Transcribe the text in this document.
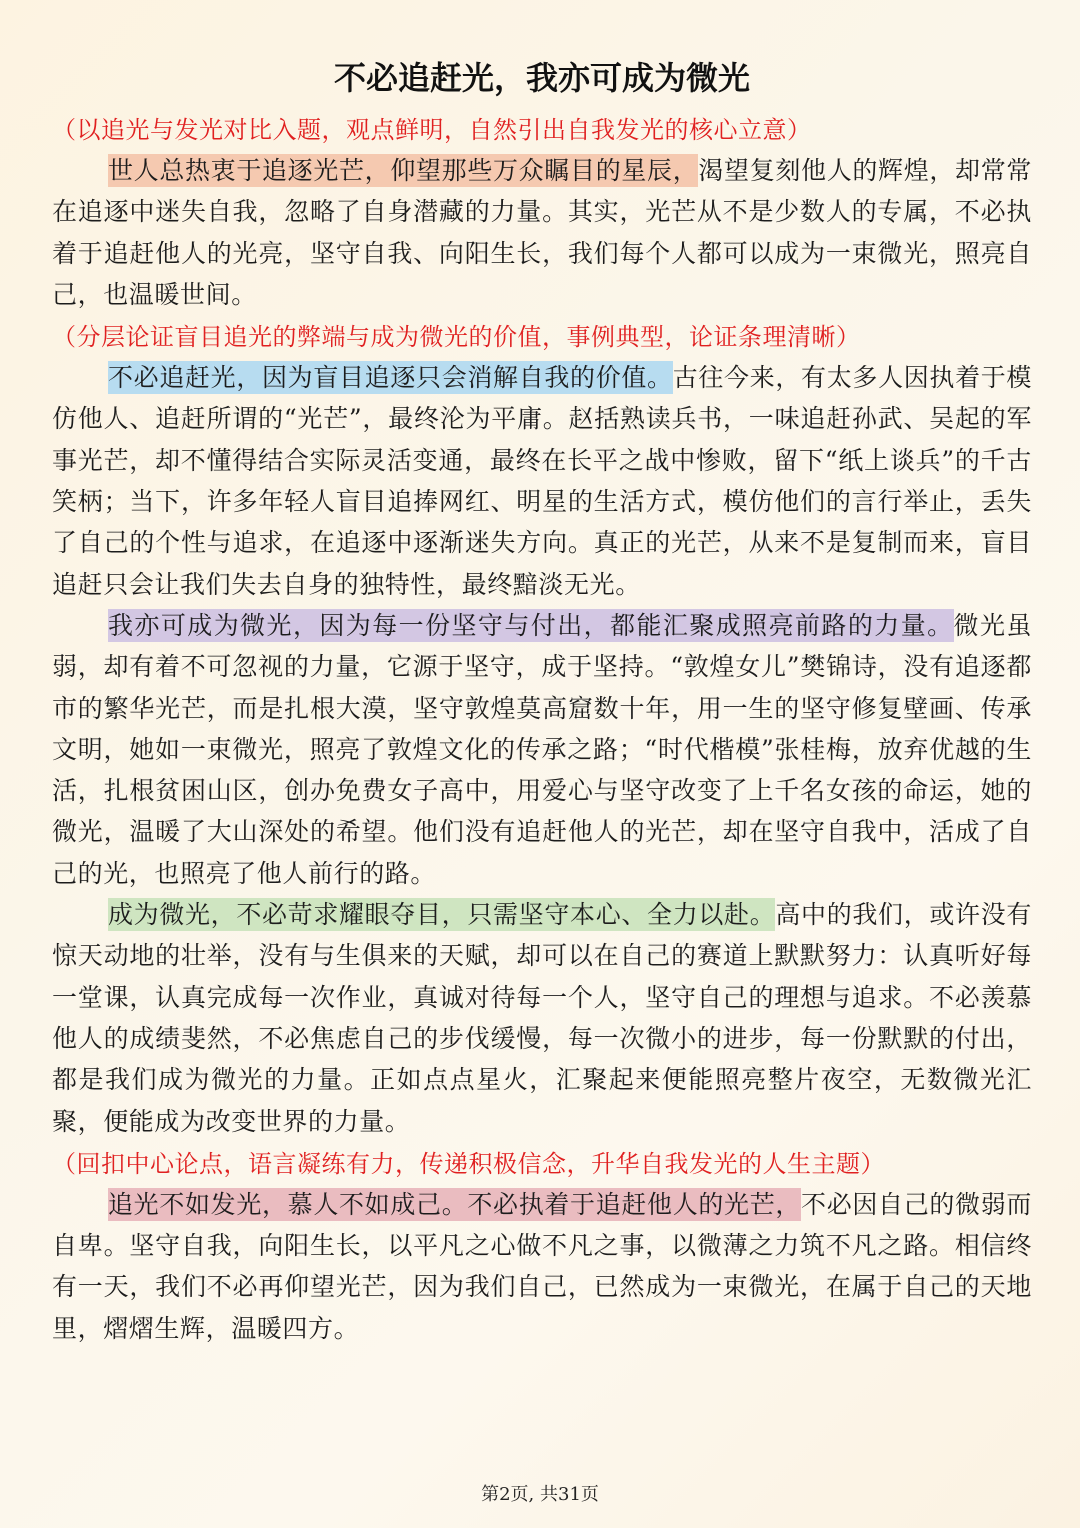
不必追赶光，我亦可成为微光

（以追光与发光对比入题，观点鲜明，自然引出自我发光的核心立意）

世人总热衷于追逐光芒，仰望那些万众瞩目的星辰，渴望复刻他人的辉煌，却常常在追逐中迷失自我，忽略了自身潜藏的力量。其实，光芒从不是少数人的专属，不必执着于追赶他人的光亮，坚守自我、向阳生长，我们每个人都可以成为一束微光，照亮自己，也温暖世间。

（分层论证盲目追光的弊端与成为微光的价值，事例典型，论证条理清晰）

不必追赶光，因为盲目追逐只会消解自我的价值。古往今来，有太多人因执着于模仿他人、追赶所谓的“光芒”，最终沦为平庸。赵括熟读兵书，一味追赶孙武、吴起的军事光芒，却不懂得结合实际灵活变通，最终在长平之战中惨败，留下“纸上谈兵”的千古笑柄；当下，许多年轻人盲目追捧网红、明星的生活方式，模仿他们的言行举止，丢失了自己的个性与追求，在追逐中逐渐迷失方向。真正的光芒，从来不是复制而来，盲目追赶只会让我们失去自身的独特性，最终黯淡无光。

我亦可成为微光，因为每一份坚守与付出，都能汇聚成照亮前路的力量。微光虽弱，却有着不可忽视的力量，它源于坚守，成于坚持。“敦煌女儿”樊锦诗，没有追逐都市的繁华光芒，而是扎根大漠，坚守敦煌莫高窟数十年，用一生的坚守修复壁画、传承文明，她如一束微光，照亮了敦煌文化的传承之路；“时代楷模”张桂梅，放弃优越的生活，扎根贫困山区，创办免费女子高中，用爱心与坚守改变了上千名女孩的命运，她的微光，温暖了大山深处的希望。他们没有追赶他人的光芒，却在坚守自我中，活成了自己的光，也照亮了他人前行的路。

成为微光，不必苛求耀眼夺目，只需坚守本心、全力以赴。高中的我们，或许没有惊天动地的壮举，没有与生俱来的天赋，却可以在自己的赛道上默默努力：认真听好每一堂课，认真完成每一次作业，真诚对待每一个人，坚守自己的理想与追求。不必羡慕他人的成绩斐然，不必焦虑自己的步伐缓慢，每一次微小的进步，每一份默默的付出，都是我们成为微光的力量。正如点点星火，汇聚起来便能照亮整片夜空，无数微光汇聚，便能成为改变世界的力量。

（回扣中心论点，语言凝练有力，传递积极信念，升华自我发光的人生主题）

追光不如发光，慕人不如成己。不必执着于追赶他人的光芒，不必因自己的微弱而自卑。坚守自我，向阳生长，以平凡之心做不凡之事，以微薄之力筑不凡之路。相信终有一天，我们不必再仰望光芒，因为我们自己，已然成为一束微光，在属于自己的天地里，熠熠生辉，温暖四方。

第2页, 共31页
